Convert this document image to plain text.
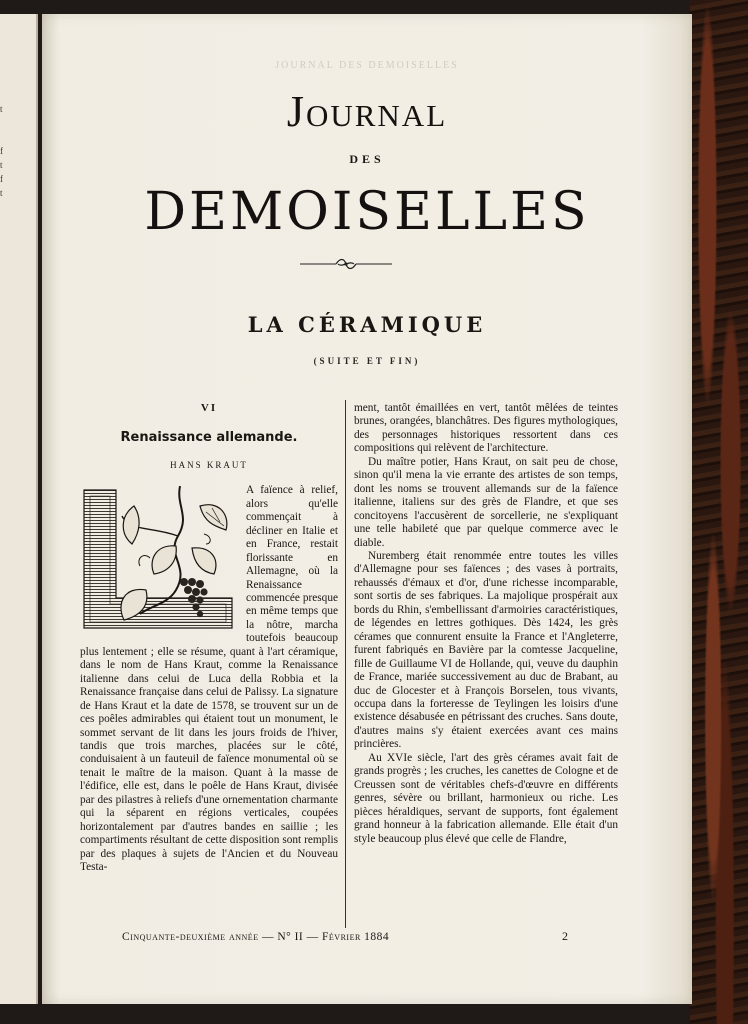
t
f
t
f
t
JOURNAL DES DEMOISELLES
Journal
DES
DEMOISELLES
LA CÉRAMIQUE
(SUITE ET FIN)
VI
Renaissance allemande.
HANS KRAUT

A faïence à relief, alors qu'elle commençait à décliner en Italie et en France, restait florissante en Allemagne, où la Renaissance commencée presque en même temps que la nôtre, marcha toutefois beaucoup plus lentement ; elle se résume, quant à l'art céramique, dans le nom de Hans Kraut, comme la Renaissance italienne dans celui de Luca della Robbia et la Renaissance française dans celui de Palissy. La signature de Hans Kraut et la date de 1578, se trouvent sur un de ces poêles admirables qui étaient tout un monument, le sommet servant de lit dans les jours froids de l'hiver, tandis que trois marches, placées sur le côté, conduisaient à un fauteuil de faïence monumental où se tenait le maître de la maison. Quant à la masse de l'édifice, elle est, dans le poêle de Hans Kraut, divisée par des pilastres à reliefs d'une ornementation charmante qui la séparent en régions verticales, coupées horizontalement par d'autres bandes en saillie ; les compartiments résultant de cette disposition sont remplis par des plaques à sujets de l'Ancien et du Nouveau Testa-

ment, tantôt émaillées en vert, tantôt mêlées de teintes brunes, orangées, blanchâtres. Des figures mythologiques, des personnages historiques ressortent dans ces compositions qui relèvent de l'architecture.

Du maître potier, Hans Kraut, on sait peu de chose, sinon qu'il mena la vie errante des artistes de son temps, dont les noms se trouvent allemands sur de la faïence italienne, italiens sur des grès de Flandre, et que ses concitoyens l'accusèrent de sorcellerie, ne s'expliquant une telle habileté que par quelque commerce avec le diable.

Nuremberg était renommée entre toutes les villes d'Allemagne pour ses faïences ; des vases à portraits, rehaussés d'émaux et d'or, d'une richesse incomparable, sont sortis de ses fabriques. La majolique prospérait aux bords du Rhin, s'embellissant d'armoiries caractéristiques, de légendes en lettres gothiques. Dès 1424, les grès cérames que connurent ensuite la France et l'Angleterre, furent fabriqués en Bavière par la comtesse Jacqueline, fille de Guillaume VI de Hollande, qui, veuve du dauphin de France, mariée successivement au duc de Brabant, au duc de Glocester et à François Borselen, tous vivants, occupa dans la forteresse de Teylingen les loisirs d'une existence désabusée en pétrissant des cruches. Sans doute, d'autres mains s'y étaient exercées avant ces mains princières.

Au XVIe siècle, l'art des grès cérames avait fait de grands progrès ; les cruches, les canettes de Cologne et de Creussen sont de véritables chefs-d'œuvre en différents genres, sévère ou brillant, harmonieux ou riche. Les pièces héraldiques, servant de supports, font également grand honneur à la fabrication allemande. Elle était d'un style beaucoup plus élevé que celle de Flandre,

Cinquante-deuxième année — N° II — Février 1884	2
